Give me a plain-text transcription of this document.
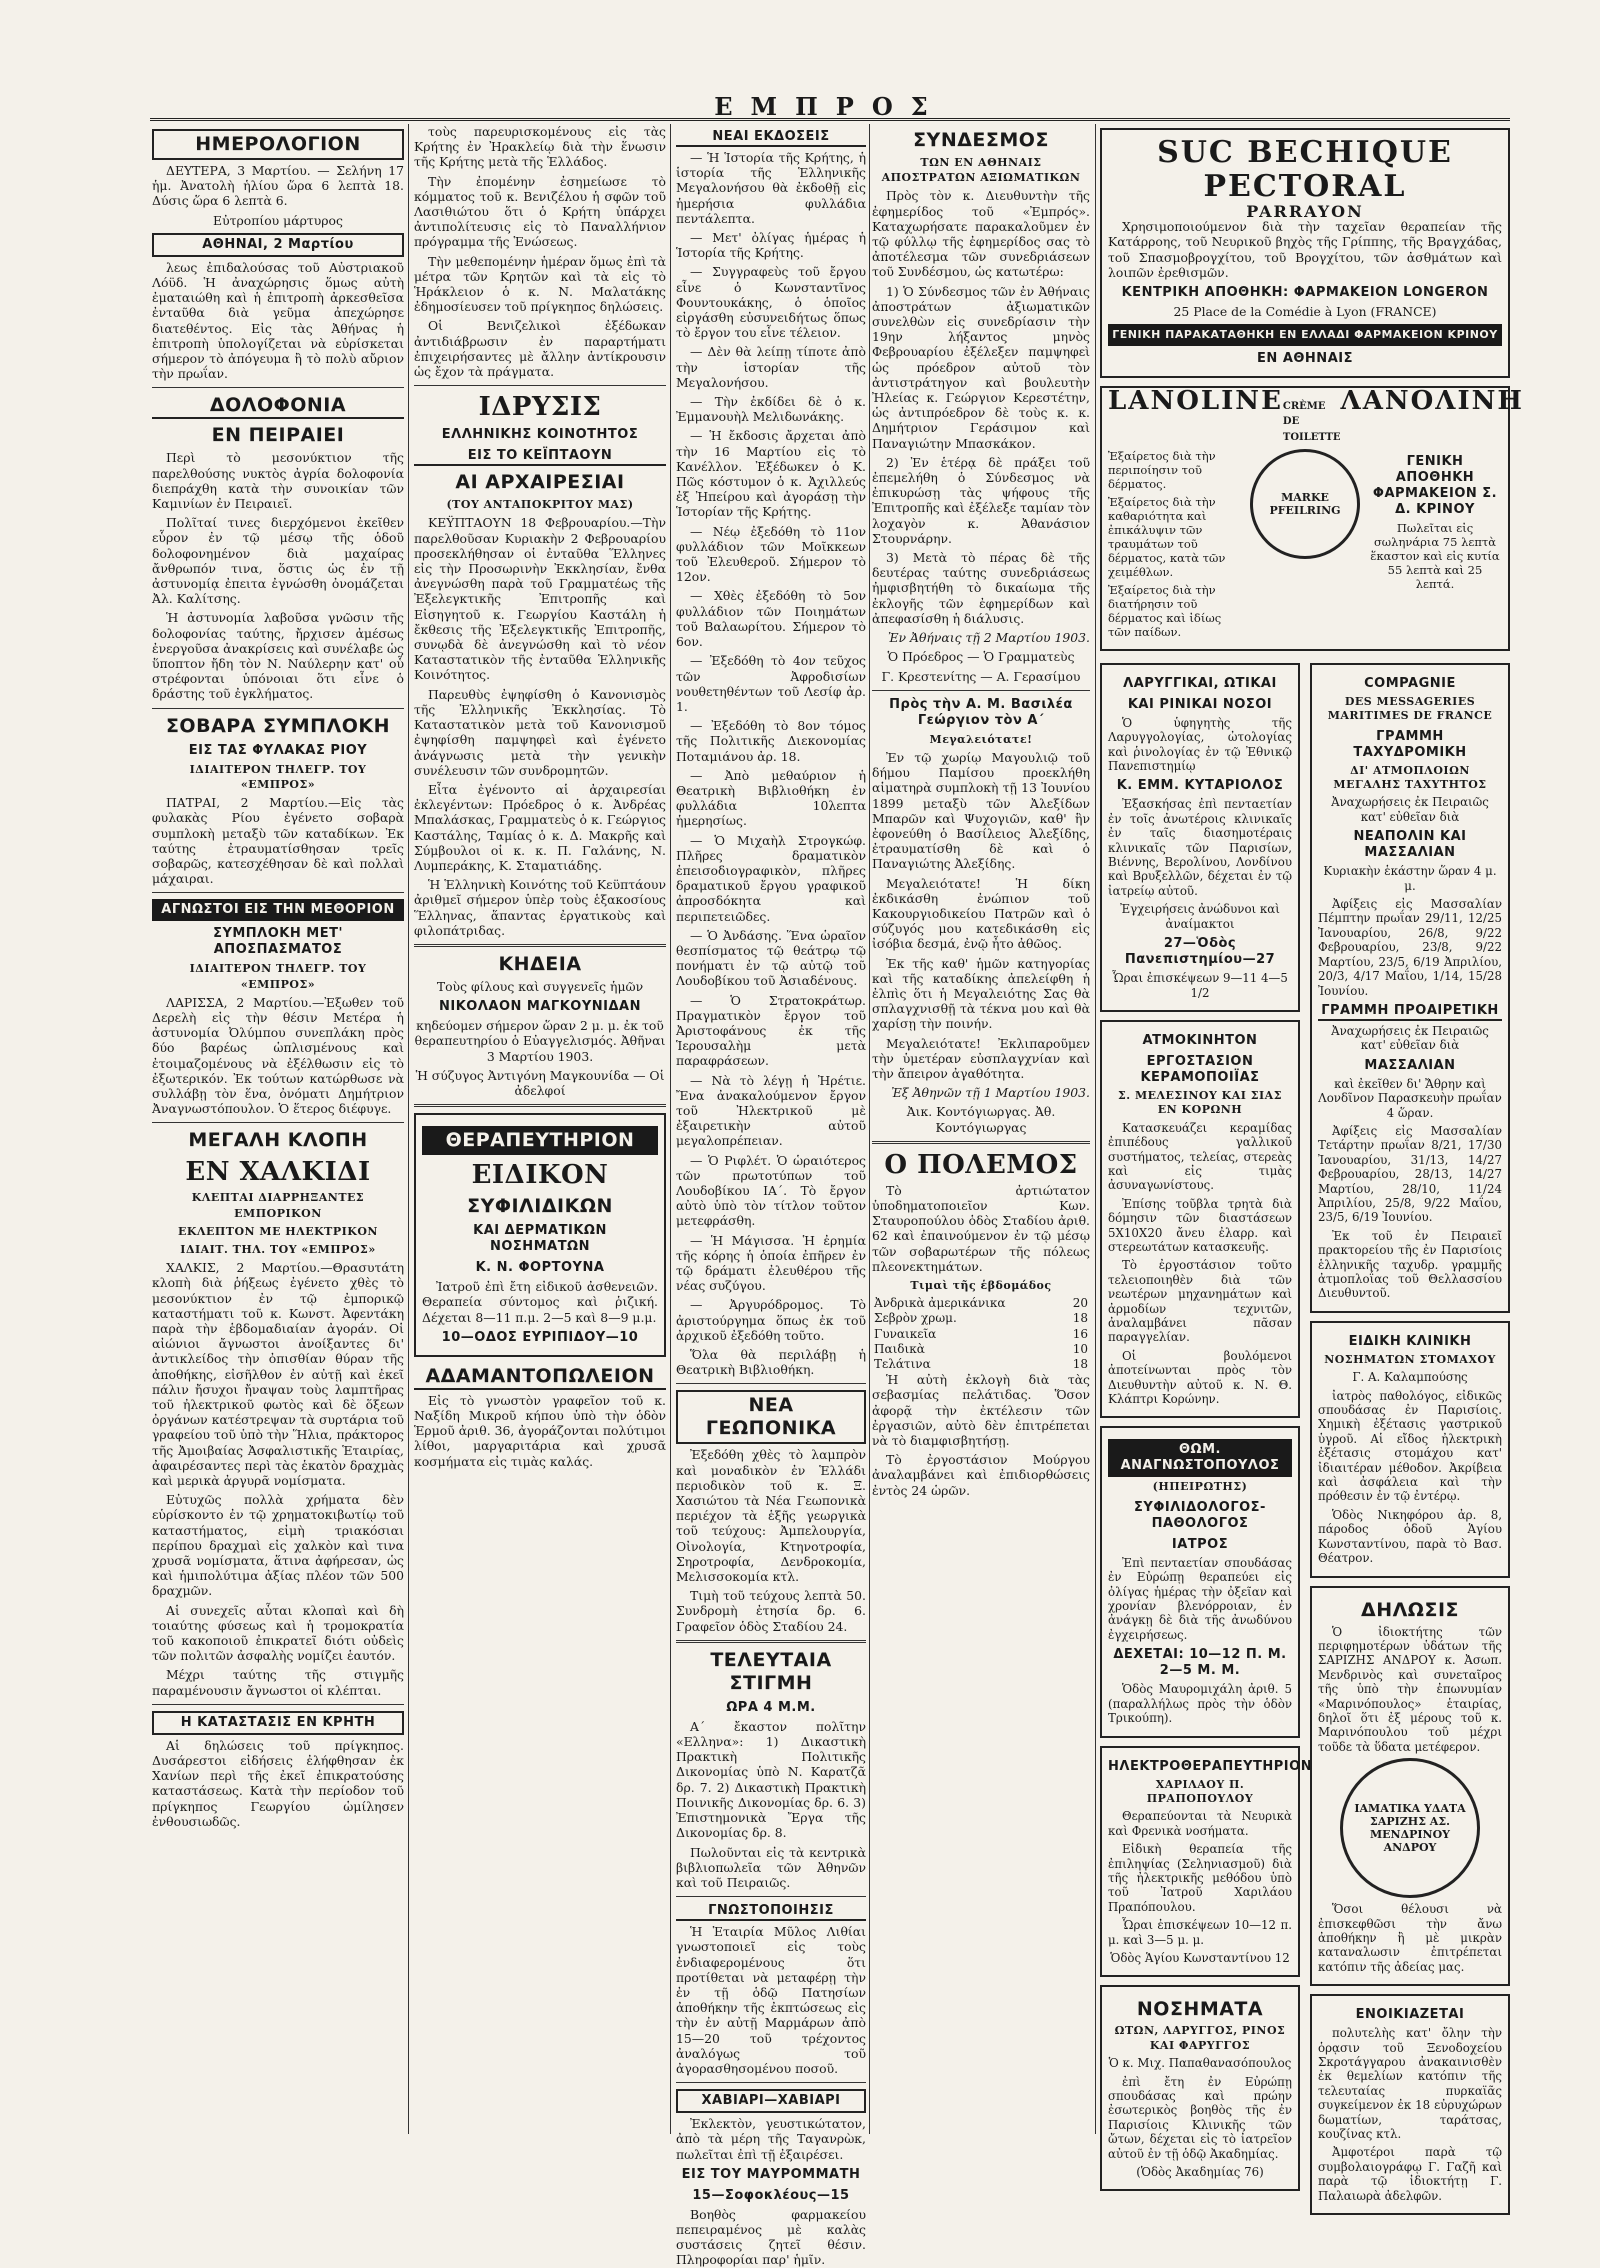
ΕΜΠΡΟΣ
ΗΜΕΡΟΛΟΓΙΟΝ

ΔΕΥΤΕΡΑ, 3 Μαρτίου. — Σελήνη 17 ἡμ. Ἀνατολὴ ἡλίου ὥρα 6 λεπτὰ 18. Δύσις ὥρα 6 λεπτὰ 6.

Εὐτροπίου μάρτυρος

ΑΘΗΝΑΙ, 2 Μαρτίου

λεως ἐπιδαλούσας τοῦ Αὐστριακοῦ Λόϋδ. Ἡ ἀναχώρησις ὅμως αὐτὴ ἐματαιώθη καὶ ἡ ἐπιτροπὴ ἀρκεσθεῖσα ἐνταῦθα διὰ γεῦμα ἀπεχώρησε διατεθέντος. Εἰς τὰς Ἀθήνας ἡ ἐπιτροπὴ ὑπολογίζεται νὰ εὑρίσκεται σήμερον τὸ ἀπόγευμα ἢ τὸ πολὺ αὔριον τὴν πρωΐαν.

ΔΟΛΟΦΟΝΙΑ
ΕΝ ΠΕΙΡΑΙΕΙ

Περὶ τὸ μεσονύκτιον τῆς παρελθούσης νυκτὸς ἀγρία δολοφονία διεπράχθη κατὰ τὴν συνοικίαν τῶν Καμινίων ἐν Πειραιεῖ.

Πολῖταί τινες διερχόμενοι ἐκεῖθεν εὗρον ἐν τῷ μέσῳ τῆς ὁδοῦ δολοφονημένον διὰ μαχαίρας ἄνθρωπόν τινα, ὅστις ὡς ἐν τῇ ἀστυνομίᾳ ἐπειτα ἐγνώσθη ὀνομάζεται Ἀλ. Καλίτσης.

Ἡ ἀστυνομία λαβοῦσα γνῶσιν τῆς δολοφονίας ταύτης, ἤρχισεν ἀμέσως ἐνεργοῦσα ἀνακρίσεις καὶ συνέλαβε ὡς ὕποπτον ἤδη τὸν Ν. Ναύλερην κατ' οὗ στρέφονται ὑπόνοιαι ὅτι εἶνε ὁ δράστης τοῦ ἐγκλήματος.

ΣΟΒΑΡΑ ΣΥΜΠΛΟΚΗ
ΕΙΣ ΤΑΣ ΦΥΛΑΚΑΣ ΡΙΟΥ
ΙΔΙΑΙΤΕΡΟΝ ΤΗΛΕΓΡ. ΤΟΥ «ΕΜΠΡΟΣ»

ΠΑΤΡΑΙ, 2 Μαρτίου.—Εἰς τὰς φυλακὰς Ρίου ἐγένετο σοβαρὰ συμπλοκὴ μεταξὺ τῶν καταδίκων. Ἐκ ταύτης ἐτραυματίσθησαν τρεῖς σοβαρῶς, κατεσχέθησαν δὲ καὶ πολλαὶ μάχαιραι.

ΑΓΝΩΣΤΟΙ ΕΙΣ ΤΗΝ ΜΕΘΟΡΙΟΝ
ΣΥΜΠΛΟΚΗ ΜΕΤ' ΑΠΟΣΠΑΣΜΑΤΟΣ
ΙΔΙΑΙΤΕΡΟΝ ΤΗΛΕΓΡ. ΤΟΥ «ΕΜΠΡΟΣ»

ΛΑΡΙΣΣΑ, 2 Μαρτίου.—Ἐξωθεν τοῦ Δερελὴ εἰς τὴν θέσιν Μετέρα ἡ ἀστυνομία Ὀλύμπου συνεπλάκη πρὸς δύο βαρέως ὡπλισμένους καὶ ἐτοιμαζομένους νὰ ἐξέλθωσιν εἰς τὸ ἐξωτερικόν. Ἐκ τούτων κατώρθωσε νὰ συλλάβῃ τὸν ἕνα, ὀνόματι Δημήτριον Ἀναγνωστόπουλον. Ὁ ἕτερος διέφυγε.

ΜΕΓΑΛΗ ΚΛΟΠΗ
ΕΝ ΧΑΛΚΙΔΙ
ΚΛΕΠΤΑΙ ΔΙΑΡΡΗΞΑΝΤΕΣ ΕΜΠΟΡΙΚΟΝ
ΕΚΛΕΠΤΟΝ ΜΕ ΗΛΕΚΤΡΙΚΟΝ
ΙΔΙΑΙΤ. ΤΗΛ. ΤΟΥ «ΕΜΠΡΟΣ»

ΧΑΛΚΙΣ, 2 Μαρτίου.—Θρασυτάτη κλοπὴ διὰ ῥήξεως ἐγένετο χθὲς τὸ μεσονύκτιον ἐν τῷ ἐμπορικῷ καταστήματι τοῦ κ. Κωνστ. Ἀφεντάκη παρὰ τὴν ἑβδομαδιαίαν ἀγοράν. Οἱ αἰώνιοι ἄγνωστοι ἀνοίξαντες δι' ἀντικλείδος τὴν ὀπισθίαν θύραν τῆς ἀποθήκης, εἰσῆλθον ἐν αὐτῇ καὶ ἐκεῖ πάλιν ἤσυχοι ἤναψαν τοὺς λαμπτῆρας τοῦ ἠλεκτρικοῦ φωτὸς καὶ δὲ ὅξεων ὀργάνων κατέστρεψαν τὰ συρτάρια τοῦ γραφείου τοῦ ὑπὸ τὴν Ἥλια, πράκτορος τῆς Ἀμοιβαίας Ἀσφαλιστικῆς Ἑταιρίας, ἀφαιρέσαντες περὶ τὰς ἑκατὸν δραχμὰς καὶ μερικὰ ἀργυρᾶ νομίσματα.

Εὐτυχῶς πολλὰ χρήματα δὲν εὑρίσκοντο ἐν τῷ χρηματοκιβωτίῳ τοῦ καταστήματος, εἰμὴ τριακόσιαι περίπου δραχμαὶ εἰς χαλκὸν καὶ τινα χρυσᾶ νομίσματα, ἅτινα ἀφήρεσαν, ὡς καὶ ἡμιπολύτιμα ἀξίας πλέον τῶν 500 δραχμῶν.

Αἱ συνεχεῖς αὗται κλοπαὶ καὶ δὴ τοιαύτης φύσεως καὶ ἡ τρομοκρατία τοῦ κακοποιοῦ ἐπικρατεῖ διότι οὐδεὶς τῶν πολιτῶν ἀσφαλὴς νομίζει ἑαυτόν.

Μέχρι ταύτης τῆς στιγμῆς παραμένουσιν ἄγνωστοι οἱ κλέπται.

Η ΚΑΤΑΣΤΑΣΙΣ ΕΝ ΚΡΗΤΗ

Αἱ δηλώσεις τοῦ πρίγκηπος. Δυσάρεστοι εἰδήσεις ἐλήφθησαν ἐκ Χανίων περὶ τῆς ἐκεῖ ἐπικρατούσης καταστάσεως. Κατὰ τὴν περίοδον τοῦ πρίγκηπος Γεωργίου ὡμίλησεν ἐνθουσιωδῶς.

τοὺς παρευρισκομένους εἰς τὰς Κρήτης ἐν Ἠρακλείῳ διὰ τὴν ἕνωσιν τῆς Κρήτης μετὰ τῆς Ἑλλάδος.

Τὴν ἐπομένην ἐσημείωσε τὸ κόμματος τοῦ κ. Βενιζέλου ἡ σφῶν τοῦ Λασιθιώτου ὅτι ὁ Κρήτη ὑπάρχει ἀντιπολίτευσις εἰς τὸ Παναλλήνιον πρόγραμμα τῆς Ἑνώσεως.

Τὴν μεθεπομένην ἡμέραν ὅμως ἐπὶ τὰ μέτρα τῶν Κρητῶν καὶ τὰ εἰς τὸ Ἡράκλειον ὁ κ. Ν. Μαλατάκης ἐδημοσίευσεν τοῦ πρίγκηπος δηλώσεις.

Οἱ Βενιζελικοὶ ἐξέδωκαν ἀντιδιάβρωσιν ἐν παραρτήματι ἐπιχειρήσαντες μὲ ἄλλην ἀντίκρουσιν ὡς ἔχον τὰ πράγματα.

ΙΔΡΥΣΙΣ
ΕΛΛΗΝΙΚΗΣ ΚΟΙΝΟΤΗΤΟΣ
ΕΙΣ ΤΟ ΚΕΪΠΤΑΟΥΝ
ΑΙ ΑΡΧΑΙΡΕΣΙΑΙ
(ΤΟΥ ΑΝΤΑΠΟΚΡΙΤΟΥ ΜΑΣ)

ΚΕΫΠΤΑΟΥΝ 18 Φεβρουαρίου.—Τὴν παρελθοῦσαν Κυριακὴν 2 Φεβρουαρίου προσεκλήθησαν οἱ ἐνταῦθα Ἕλληνες εἰς τὴν Προσωρινὴν Ἐκκλησίαν, ἔνθα ἀνεγνώσθη παρὰ τοῦ Γραμματέως τῆς Ἐξελεγκτικῆς Ἐπιτροπῆς καὶ Εἰσηγητοῦ κ. Γεωργίου Καστάλη ἡ ἔκθεσις τῆς Ἐξελεγκτικῆς Ἐπιτροπῆς, συνῳδὰ δὲ ἀνεγνώσθη καὶ τὸ νέον Καταστατικὸν τῆς ἐνταῦθα Ἑλληνικῆς Κοινότητος.

Παρευθὺς ἐψηφίσθη ὁ Κανονισμὸς τῆς Ἑλληνικῆς Ἐκκλησίας. Τὸ Καταστατικὸν μετὰ τοῦ Κανονισμοῦ ἐψηφίσθη παμψηφεὶ καὶ ἐγένετο ἀνάγνωσις μετὰ τὴν γενικὴν συνέλευσιν τῶν συνδρομητῶν.

Εἶτα ἐγένοντο αἱ ἀρχαιρεσίαι ἐκλεγέντων: Πρόεδρος ὁ κ. Ἀνδρέας Μπαλάσκας, Γραμματεὺς ὁ κ. Γεώργιος Καστάλης, Ταμίας ὁ κ. Δ. Μακρῆς καὶ Σύμβουλοι οἱ κ. κ. Π. Γαλάνης, Ν. Λυμπεράκης, Κ. Σταματιάδης.

Ἡ Ἑλληνικὴ Κοινότης τοῦ Κεϋπτάουν ἀριθμεῖ σήμερον ὑπὲρ τοὺς ἑξακοσίους Ἕλληνας, ἅπαντας ἐργατικοὺς καὶ φιλοπάτριδας.

ΚΗΔΕΙΑ

Τοὺς φίλους καὶ συγγενεῖς ἡμῶν

ΝΙΚΟΛΑΟΝ ΜΑΓΚΟΥΝΙΔΑΝ

κηδεύομεν σήμερον ὥραν 2 μ. μ. ἐκ τοῦ θεραπευτηρίου ὁ Εὐαγγελισμός. Ἀθῆναι 3 Μαρτίου 1903.

Ἡ σύζυγος Ἀντιγόνη Μαγκουνίδα — Οἱ ἀδελφοί

ΘΕΡΑΠΕΥΤΗΡΙΟΝ
ΕΙΔΙΚΟΝ
ΣΥΦΙΛΙΔΙΚΩΝ
ΚΑΙ ΔΕΡΜΑΤΙΚΩΝ ΝΟΣΗΜΑΤΩΝ
Κ. Ν. ΦΟΡΤΟΥΝΑ

Ἰατροῦ ἐπὶ ἔτη εἰδικοῦ ἀσθενειῶν. Θεραπεία σύντομος καὶ ῥιζική. Δέχεται 8—11 π.μ. 2—5 καὶ 8—9 μ.μ.

10—ΟΔΟΣ ΕΥΡΙΠΙΔΟΥ—10
ΑΔΑΜΑΝΤΟΠΩΛΕΙΟΝ

Εἰς τὸ γνωστὸν γραφεῖον τοῦ κ. Ναξίδη Μικροῦ κήπου ὑπὸ τὴν ὁδὸν Ἑρμοῦ ἀριθ. 36, ἀγοράζονται πολύτιμοι λίθοι, μαργαριτάρια καὶ χρυσᾶ κοσμήματα εἰς τιμὰς καλάς.

ΝΕΑΙ ΕΚΔΟΣΕΙΣ

— Ἡ Ἱστορία τῆς Κρήτης, ἡ ἱστορία τῆς Ἑλληνικῆς Μεγαλονήσου θὰ ἐκδοθῇ εἰς ἡμερήσια φυλλάδια πεντάλεπτα.

— Μετ' ὀλίγας ἡμέρας ἡ Ἱστορία τῆς Κρήτης.

— Συγγραφεὺς τοῦ ἔργου εἶνε ὁ Κωνσταντῖνος Φουντουκάκης, ὁ ὁποῖος εἰργάσθη εὐσυνειδήτως ὅπως τὸ ἔργον του εἶνε τέλειον.

— Δὲν θὰ λείπῃ τίποτε ἀπὸ τὴν ἱστορίαν τῆς Μεγαλονήσου.

— Τὴν ἐκδίδει δὲ ὁ κ. Ἐμμανουὴλ Μελιδωνάκης.

— Ἡ ἔκδοσις ἄρχεται ἀπὸ τὴν 16 Μαρτίου εἰς τὸ Κανέλλον. Ἐξέδωκεν ὁ Κ. Πῶς κόστυμον ὁ κ. Ἀχιλλεύς ἐξ Ἠπείρου καὶ ἀγοράσῃ τὴν Ἱστορίαν τῆς Κρήτης.

— Νέῳ ἐξεδόθη τὸ 11ον φυλλάδιον τῶν Μοῖκκεων τοῦ Ἐλευθεροῦ. Σήμερον τὸ 12ον.

— Χθὲς ἐξεδόθη τὸ 5ον φυλλάδιον τῶν Ποιημάτων τοῦ Βαλαωρίτου. Σήμερον τὸ 6ον.

— Ἐξεδόθη τὸ 4ον τεῦχος τῶν Ἀφροδισίων νουθετηθέντων τοῦ Λεσίφ ἀρ. 1.

— Ἐξεδόθη τὸ 8ον τόμος τῆς Πολιτικῆς Διεκονομίας Ποταμιάνου ἀρ. 18.

— Ἀπὸ μεθαύριον ἡ Θεατρικὴ Βιβλιοθήκη ἐν φυλλάδια 10λεπτα ἡμερησίως.

— Ὁ Μιχαὴλ Στρογκώφ. Πλῆρες δραματικὸν ἐπεισοδιογραφικὸν, πλῆρες δραματικοῦ ἔργου γραφικοῦ ἀπροσδόκητα καὶ περιπετειῶδες.

— Ὁ Ἀνδάσης. Ἕνα ὡραῖον θεσπίσματος τῷ θεάτρῳ τῷ πονήματι ἐν τῷ αὐτῷ τοῦ Λουδοβίκου τοῦ Ἀσιαδένους.

— Ὁ Στρατοκράτωρ. Πραγματικὸν ἔργον τοῦ Ἀριστοφάνους ἐκ τῆς Ἱερουσαλὴμ μετὰ παραφράσεων.

— Νὰ τὸ λέγῃ ἡ Ἠρέτιε. Ἔνα ἀνακαλούμενον ἔργον τοῦ Ἠλεκτρικοῦ μὲ ἐξαιρετικὴν αὐτοῦ μεγαλοπρέπειαν.

— Ὁ Ριφλέτ. Ὁ ὡραιότερος τῶν πρωτοτύπων τοῦ Λουδοβίκου ΙΑ΄. Τὸ ἔργον αὐτὸ ὑπὸ τὸν τίτλον τοῦτον μετεφράσθη.

— Ἡ Μάγισσα. Ἡ ἐρημία τῆς κόρης ἡ ὁποία ἐπῆρεν ἐν τῷ δράματι ἐλευθέρου τῆς νέας συζύγου.

— Ἀργυρόδρομος. Τὸ ἀριστούργημα ὅπως ἐκ τοῦ ἀρχικοῦ ἐξεδόθη τοῦτο.

Ὅλα θὰ περιλάβῃ ἡ Θεατρικὴ Βιβλιοθήκη.

ΝΕΑ ΓΕΩΠΟΝΙΚΑ

Ἐξεδόθη χθὲς τὸ λαμπρὸν καὶ μοναδικὸν ἐν Ἑλλάδι περιοδικὸν τοῦ κ. Ξ. Χασιώτου τὰ Νέα Γεωπονικὰ περιέχον τὰ ἑξῆς γεωργικὰ τοῦ τεύχους: Ἀμπελουργία, Οἰνολογία, Κτηνοτροφία, Σηροτροφία, Δενδροκομία, Μελισσοκομία κτλ.

Τιμὴ τοῦ τεύχους λεπτὰ 50. Συνδρομὴ ἐτησία δρ. 6. Γραφεῖον ὁδὸς Σταδίου 24.

ΤΕΛΕΥΤΑΙΑ ΣΤΙΓΜΗ
ΩΡΑ 4 Μ.Μ.

Α΄ ἔκαστον πολῖτην «Ελληνα»: 1) Δικαστικὴ Πρακτικὴ Πολιτικῆς Δικονομίας ὑπὸ Ν. Καρατζᾶ δρ. 7. 2) Δικαστικὴ Πρακτικὴ Ποινικῆς Δικονομίας δρ. 6. 3) Ἐπιστημονικὰ Ἔργα τῆς Δικονομίας δρ. 8.

Πωλοῦνται εἰς τὰ κεντρικὰ βιβλιοπωλεῖα τῶν Ἀθηνῶν καὶ τοῦ Πειραιῶς.

ΓΝΩΣΤΟΠΟΙΗΣΙΣ

Ἡ Ἑταιρία Μῦλος Λιθίαι γνωστοποιεῖ εἰς τοὺς ἐνδιαφερομένους ὅτι προτίθεται νὰ μεταφέρῃ τὴν ἐν τῇ ὁδῷ Πατησίων ἀποθήκην τῆς ἐκπτώσεως εἰς τὴν ἐν αὐτῇ Μαρμάρων ἀπὸ 15—20 τοῦ τρέχοντος ἀναλόγως τοῦ ἀγορασθησομένου ποσοῦ.

ΧΑΒΙΑΡΙ—ΧΑΒΙΑΡΙ

Ἐκλεκτὸν, γευστικώτατον, ἀπὸ τὰ μέρη τῆς Ταγανρὼκ, πωλεῖται ἐπὶ τῇ ἐξαιρέσει.

ΕΙΣ ΤΟΥ ΜΑΥΡΟΜΜΑΤΗ
15—Σοφοκλέους—15

Βοηθὸς φαρμακείου πεπειραμένος μὲ καλὰς συστάσεις ζητεῖ θέσιν. Πληροφορίαι παρ' ἡμῖν.

ΣΥΝΔΕΣΜΟΣ
ΤΩΝ ΕΝ ΑΘΗΝΑΙΣ ΑΠΟΣΤΡΑΤΩΝ ΑΞΙΩΜΑΤΙΚΩΝ

Πρὸς τὸν κ. Διευθυντὴν τῆς ἐφημερίδος τοῦ «Ἐμπρός». Καταχωρήσατε παρακαλοῦμεν ἐν τῷ φύλλῳ τῆς ἐφημερίδος σας τὸ ἀποτέλεσμα τῶν συνεδριάσεων τοῦ Συνδέσμου, ὡς κατωτέρω:

1) Ὁ Σύνδεσμος τῶν ἐν Ἀθήναις ἀποστράτων ἀξιωματικῶν συνελθὼν εἰς συνεδρίασιν τὴν 19ην λήξαντος μηνὸς Φεβρουαρίου ἐξέλεξεν παμψηφεὶ ὡς πρόεδρον αὐτοῦ τὸν ἀντιστράτηγον καὶ βουλευτὴν Ἠλείας κ. Γεώργιον Κερεστέτην, ὡς ἀντιπρόεδρον δὲ τοὺς κ. κ. Δημήτριον Γεράσιμον καὶ Παναγιώτην Μπασκάκον.

2) Ἐν ἑτέρᾳ δὲ πράξει τοῦ ἐπεμελήθη ὁ Σύνδεσμος νὰ ἐπικυρώσῃ τὰς ψήφους τῆς Ἐπιτροπῆς καὶ ἐξέλεξε ταμίαν τὸν λοχαγὸν κ. Ἀθανάσιον Στουρνάρην.

3) Μετὰ τὸ πέρας δὲ τῆς δευτέρας ταύτης συνεδριάσεως ἠμφισβητήθη τὸ δικαίωμα τῆς ἐκλογῆς τῶν ἐφημερίδων καὶ ἀπεφασίσθη ἡ διάλυσις.

Ἐν Ἀθήναις τῇ 2 Μαρτίου 1903.

Ὁ Πρόεδρος — Ὁ Γραμματεὺς

Γ. Κρεστενίτης — Α. Γερασίμου

Πρὸς τὴν Α. Μ. Βασιλέα Γεώργιον τὸν Α΄
Μεγαλειότατε!

Ἐν τῷ χωρίῳ Μαγουλιῷ τοῦ δήμου Παμίσου προεκλήθη αἱματηρὰ συμπλοκὴ τῇ 13 Ἰουνίου 1899 μεταξὺ τῶν Ἀλεξίδων Μπαρῶν καὶ Ψυχογιῶν, καθ' ἣν ἐφονεύθη ὁ Βασίλειος Ἀλεξίδης, ἐτραυματίσθη δὲ καὶ ὁ Παναγιώτης Ἀλεξίδης.

Μεγαλειότατε! Ἡ δίκη ἐκδικάσθη ἐνώπιον τοῦ Κακουργιοδικείου Πατρῶν καὶ ὁ σύζυγός μου κατεδικάσθη εἰς ἰσόβια δεσμά, ἐνῷ ἦτο ἀθῶος.

Ἐκ τῆς καθ' ἡμῶν κατηγορίας καὶ τῆς καταδίκης ἀπελείφθη ἡ ἐλπὶς ὅτι ἡ Μεγαλειότης Σας θὰ σπλαγχνισθῇ τὰ τέκνα μου καὶ θὰ χαρίσῃ τὴν ποινήν.

Μεγαλειότατε! Ἐκλιπαροῦμεν τὴν ὑμετέραν εὐσπλαγχνίαν καὶ τὴν ἄπειρον ἀγαθότητα.

Ἐξ Ἀθηνῶν τῇ 1 Μαρτίου 1903.

Ἀικ. Κοντόγιωργας. Ἀθ. Κοντόγιωργας

Ο ΠΟΛΕΜΟΣ

Τὸ ἀρτιώτατον ὑποδηματοποιεῖον Κων. Σταυροπούλου ὁδὸς Σταδίου ἀριθ. 62 καὶ ἐπαινούμενον ἐν τῷ μέσῳ τῶν σοβαρωτέρων τῆς πόλεως πλεονεκτημάτων.

Τιμαὶ τῆς ἑβδομάδος
Ἀνδρικὰ ἀμερικάνικα	20
Σεβρὸν χρωμ.	18
Γυναικεῖα	16
Παιδικὰ	10
Τελάτινα	18

Ἡ αὐτὴ ἐκλογὴ διὰ τὰς σεβασμίας πελάτιδας. Ὅσον ἀφορᾷ τὴν ἐκτέλεσιν τῶν ἐργασιῶν, αὐτὸ δὲν ἐπιτρέπεται νὰ τὸ διαμφισβητήσῃ.

Τὸ ἐργοστάσιον Μούργου ἀναλαμβάνει καὶ ἐπιδιορθώσεις ἐντὸς 24 ὡρῶν.

SUC BECHIQUE PECTORAL
PARRAYON

Χρησιμοποιούμενον διὰ τὴν ταχεῖαν θεραπείαν τῆς Κατάρροης, τοῦ Νευρικοῦ βηχὸς τῆς Γρίππης, τῆς Βραγχάδας, τοῦ Σπασμοβρογχίτου, τοῦ Βρογχίτου, τῶν ἀσθμάτων καὶ λοιπῶν ἐρεθισμῶν.

ΚΕΝΤΡΙΚΗ ΑΠΟΘΗΚΗ: ΦΑΡΜΑΚΕΙΟΝ LONGERON

25 Place de la Comédie à Lyon (FRANCE)

ΓΕΝΙΚΗ ΠΑΡΑΚΑΤΑΘΗΚΗ ΕΝ ΕΛΛΑΔΙ ΦΑΡΜΑΚΕΙΟΝ ΚΡΙΝΟΥ
ΕΝ ΑΘΗΝΑΙΣ
LANOLINE CRÈME DE TOILETTE
ΛΑΝΟΛΙΝΗ

Ἐξαίρετος διὰ τὴν περιποίησιν τοῦ δέρματος.

Ἐξαίρετος διὰ τὴν καθαριότητα καὶ ἐπικάλυψιν τῶν τραυμάτων τοῦ δέρματος, κατὰ τῶν χειμέθλων.

Ἐξαίρετος διὰ τὴν διατήρησιν τοῦ δέρματος καὶ ἰδίως τῶν παίδων.

MARKE PFEILRING
ΓΕΝΙΚΗ ΑΠΟΘΗΚΗ ΦΑΡΜΑΚΕΙΟΝ Σ. Δ. ΚΡΙΝΟΥ

Πωλεῖται εἰς σωληνάρια 75 λεπτὰ ἕκαστον καὶ εἰς κυτία 55 λεπτὰ καὶ 25 λεπτά.

ΛΑΡΥΓΓΙΚΑΙ, ΩΤΙΚΑΙ
ΚΑΙ ΡΙΝΙΚΑΙ ΝΟΣΟΙ

Ὁ ὑφηγητὴς τῆς Λαρυγγολογίας, ὠτολογίας καὶ ῥινολογίας ἐν τῷ Ἐθνικῷ Πανεπιστημίῳ

Κ. ΕΜΜ. ΚΥΤΑΡΙΟΛΟΣ

Ἐξασκήσας ἐπὶ πενταετίαν ἐν τοῖς ἀνωτέροις κλινικαῖς ἐν ταῖς διασημοτέραις κλινικαῖς τῶν Παρισίων, Βιέννης, Βερολίνου, Λονδίνου καὶ Βρυξελλῶν, δέχεται ἐν τῷ ἰατρείῳ αὐτοῦ.

Ἐγχειρήσεις ἀνώδυνοι καὶ ἀναίμακτοι

27—Ὁδὸς Πανεπιστημίου—27

Ὧραι ἐπισκέψεων 9—11 4—5 1/2

ATMOKINHTON
ΕΡΓΟΣΤΑΣΙΟΝ ΚΕΡΑΜΟΠΟΙΪΑΣ
Σ. ΜΕΛΕΣΙΝΟΥ ΚΑΙ ΣΙΑΣ ΕΝ ΚΟΡΩΝΗ

Κατασκευάζει κεραμίδας ἐπιπέδους γαλλικοῦ συστήματος, τελείας, στερεὰς καὶ εἰς τιμὰς ἀσυναγωνίστους.

Ἐπίσης τοῦβλα τρητὰ διὰ δόμησιν τῶν διαστάσεων 5Χ10Χ20 ἄνευ ἐλαρρ. καὶ στερεωτάτων κατασκευῆς.

Τὸ ἐργοστάσιον τοῦτο τελειοποιηθὲν διὰ τῶν νεωτέρων μηχανημάτων καὶ ἀρμοδίων τεχνιτῶν, ἀναλαμβάνει πᾶσαν παραγγελίαν.

Οἱ βουλόμενοι ἀποτείνωνται πρὸς τὸν Διευθυντὴν αὐτοῦ κ. Ν. Θ. Κλάπτρι Κορώνην.

ΘΩΜ. ΑΝΑΓΝΩΣΤΟΠΟΥΛΟΣ
(ΗΠΕΙΡΩΤΗΣ)
ΣΥΦΙΛΙΔΟΛΟΓΟΣ-ΠΑΘΟΛΟΓΟΣ
ΙΑΤΡΟΣ

Ἐπὶ πενταετίαν σπουδάσας ἐν Εὐρώπῃ θεραπεύει εἰς ὀλίγας ἡμέρας τὴν ὀξεῖαν καὶ χρονίαν βλενόρροιαν, ἐν ἀνάγκῃ δὲ διὰ τῆς ἀνωδύνου ἐγχειρήσεως.

ΔΕΧΕΤΑΙ: 10—12 Π. Μ. 2—5 Μ. Μ.

Ὁδὸς Μαυρομιχάλη ἀριθ. 5 (παραλλήλως πρὸς τὴν ὁδὸν Τρικούπη).

ΗΛΕΚΤΡΟΘΕΡΑΠΕΥΤΗΡΙΟΝ
ΧΑΡΙΛΑΟΥ Π. ΠΡΑΠΟΠΟΥΛΟΥ

Θεραπεύονται τὰ Νευρικὰ καὶ Φρενικὰ νοσήματα.

Εἰδικὴ θεραπεία τῆς ἐπιληψίας (Σεληνιασμοῦ) διὰ τῆς ἠλεκτρικῆς μεθόδου ὑπὸ τοῦ Ἰατροῦ Χαριλάου Πραπόπουλου.

Ὧραι ἐπισκέψεων 10—12 π. μ. καὶ 3—5 μ. μ.

Ὁδὸς Ἁγίου Κωνσταντίνου 12

ΝΟΣΗΜΑΤΑ
ΩΤΩΝ, ΛΑΡΥΓΓΟΣ, ΡΙΝΟΣ ΚΑΙ ΦΑΡΥΓΓΟΣ

Ὁ κ. Μιχ. Παπαθανασόπουλος

ἐπὶ ἔτη ἐν Εὐρώπῃ σπουδάσας καὶ πρώην ἐσωτερικὸς βοηθὸς τῆς ἐν Παρισίοις Κλινικῆς τῶν ὤτων, δέχεται εἰς τὸ ἰατρεῖον αὐτοῦ ἐν τῇ ὁδῷ Ἀκαδημίας.

(Ὁδὸς Ἀκαδημίας 76)

COMPAGNIE
DES MESSAGERIES MARITIMES DE FRANCE
ΓΡΑΜΜΗ ΤΑΧΥΔΡΟΜΙΚΗ
ΔΙ' ΑΤΜΟΠΛΟΙΩΝ ΜΕΓΑΛΗΣ ΤΑΧΥΤΗΤΟΣ

Ἀναχωρήσεις ἐκ Πειραιῶς κατ' εὐθεῖαν διὰ

ΝΕΑΠΟΛΙΝ ΚΑΙ ΜΑΣΣΑΛΙΑΝ

Κυριακὴν ἑκάστην ὥραν 4 μ. μ.

Ἀφίξεις εἰς Μασσαλίαν Πέμπτην πρωΐαν 29/11, 12/25 Ἰανουαρίου, 26/8, 9/22 Φεβρουαρίου, 23/8, 9/22 Μαρτίου, 23/5, 6/19 Ἀπριλίου, 20/3, 4/17 Μαΐου, 1/14, 15/28 Ἰουνίου.

ΓΡΑΜΜΗ ΠΡΟΑΙΡΕΤΙΚΗ

Ἀναχωρήσεις ἐκ Πειραιῶς κατ' εὐθεῖαν διὰ

ΜΑΣΣΑΛΙΑΝ

καὶ ἐκεῖθεν δι' Ἄθρην καὶ Λονδῖνον Παρασκευὴν πρωΐαν 4 ὥραν.

Ἀφίξεις εἰς Μασσαλίαν Τετάρτην πρωΐαν 8/21, 17/30 Ἰανουαρίου, 31/13, 14/27 Φεβρουαρίου, 28/13, 14/27 Μαρτίου, 28/10, 11/24 Ἀπριλίου, 25/8, 9/22 Μαΐου, 23/5, 6/19 Ἰουνίου.

Ἐκ τοῦ ἐν Πειραιεῖ πρακτορείου τῆς ἐν Παρισίοις ἑλληνικῆς ταχυδρ. γραμμῆς ἀτμοπλοΐας τοῦ Θελλασσίου Διευθυντοῦ.

ΕΙΔΙΚΗ ΚΛΙΝΙΚΗ
ΝΟΣΗΜΑΤΩΝ ΣΤΟΜΑΧΟΥ

Γ. Α. Καλαμπούσης

ἰατρὸς παθολόγος, εἰδικῶς σπουδάσας ἐν Παρισίοις. Χημικὴ ἐξέτασις γαστρικοῦ ὑγροῦ. Αἱ εἴδος ἠλεκτρικὴ ἐξέτασις στομάχου κατ' ἰδιαιτέραν μέθοδον. Ἀκρίβεια καὶ ἀσφάλεια καὶ τὴν πρόθεσιν ἐν τῷ ἐντέρῳ.

Ὁδὸς Νικηφόρου ἀρ. 8, πάροδος ὁδοῦ Ἁγίου Κωνσταντίνου, παρὰ τὸ Βασ. Θέατρον.

ΔΗΛΩΣΙΣ

Ὁ ἰδιοκτήτης τῶν περιφημοτέρων ὑδάτων τῆς ΣΑΡΙΖΗΣ ΑΝΔΡΟΥ κ. Ἀσωπ. Μενδρινὸς καὶ συνεταῖρος τῆς ὑπὸ τὴν ἐπωνυμίαν «Μαρινόπουλος» ἑταιρίας, δηλοῖ ὅτι ἐξ μέρους τοῦ κ. Μαρινόπουλου τοῦ μέχρι τοῦδε τὰ ὕδατα μετέφερον.

ΙΑΜΑΤΙΚΑ ΥΔΑΤΑ ΣΑΡΙΖΗΣ ΑΣ. ΜΕΝΔΡΙΝΟΥ ΑΝΔΡΟΥ

Ὅσοι θέλουσι νὰ ἐπισκεφθῶσι τὴν ἄνω ἀποθήκην ἢ μὲ μικρὰν καταναλωσιν ἐπιτρέπεται κατόπιν τῆς ἀδείας μας.

ΕΝΟΙΚΙΑΖΕΤΑΙ

πολυτελὴς κατ' ὄλην τὴν ὁρᾳσιν τοῦ Ξενοδοχείου Σκροτάγγαρου ἀνακαινισθὲν ἐκ θεμελίων κατόπιν τῆς τελευταίας πυρκαϊᾶς συγκείμενον ἐκ 18 εὐρυχώρων δωματίων, ταράτσας, κουζίνας κτλ.

Ἀμφοτέροι παρὰ τῷ συμβολαιογράφῳ Γ. Γαζῆ καὶ παρὰ τῷ ἰδιοκτήτῃ Γ. Παλαιωρὰ ἀδελφῶν.
